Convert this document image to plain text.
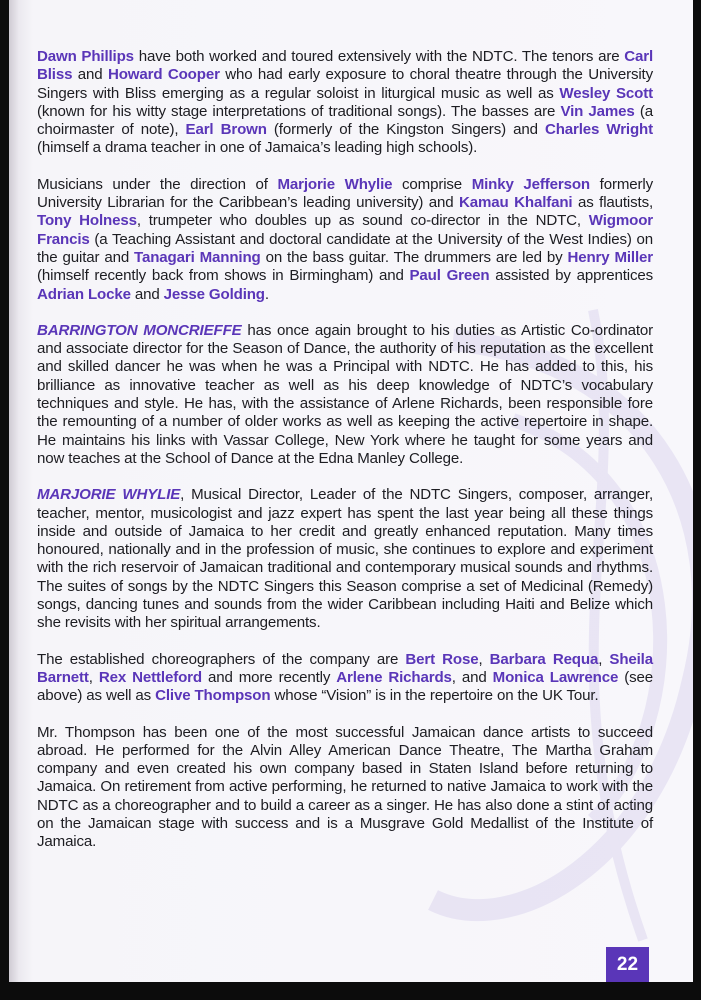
Dawn Phillips have both worked and toured extensively with the NDTC. The tenors are Carl Bliss and Howard Cooper who had early exposure to choral theatre through the University Singers with Bliss emerging as a regular soloist in liturgical music as well as Wesley Scott (known for his witty stage interpretations of traditional songs). The basses are Vin James (a choirmaster of note), Earl Brown (formerly of the Kingston Singers) and Charles Wright (himself a drama teacher in one of Jamaica’s leading high schools).

Musicians under the direction of Marjorie Whylie comprise Minky Jefferson formerly University Librarian for the Caribbean’s leading university) and Kamau Khalfani as flautists, Tony Holness, trumpeter who doubles up as sound co-director in the NDTC, Wigmoor Francis (a Teaching Assistant and doctoral candidate at the University of the West Indies) on the guitar and Tanagari Manning on the bass guitar. The drummers are led by Henry Miller (himself recently back from shows in Birmingham) and Paul Green assisted by apprentices Adrian Locke and Jesse Golding.

BARRINGTON MONCRIEFFE has once again brought to his duties as Artistic Co-ordinator and associate director for the Season of Dance, the authority of his reputation as the excellent and skilled dancer he was when he was a Principal with NDTC. He has added to this, his brilliance as innovative teacher as well as his deep knowledge of NDTC’s vocabulary techniques and style. He has, with the assistance of Arlene Richards, been responsible fore the remounting of a number of older works as well as keeping the active repertoire in shape. He maintains his links with Vassar College, New York where he taught for some years and now teaches at the School of Dance at the Edna Manley College.

MARJORIE WHYLIE, Musical Director, Leader of the NDTC Singers, composer, arranger, teacher, mentor, musicologist and jazz expert has spent the last year being all these things inside and outside of Jamaica to her credit and greatly enhanced reputation. Many times honoured, nationally and in the profession of music, she continues to explore and experiment with the rich reservoir of Jamaican traditional and contemporary musical sounds and rhythms. The suites of songs by the NDTC Singers this Season comprise a set of Medicinal (Remedy) songs, dancing tunes and sounds from the wider Caribbean including Haiti and Belize which she revisits with her spiritual arrangements.

The established choreographers of the company are Bert Rose, Barbara Requa, Sheila Barnett, Rex Nettleford and more recently Arlene Richards, and Monica Lawrence (see above) as well as Clive Thompson whose “Vision” is in the repertoire on the UK Tour.

Mr. Thompson has been one of the most successful Jamaican dance artists to succeed abroad. He performed for the Alvin Alley American Dance Theatre, The Martha Graham company and even created his own company based in Staten Island before returning to Jamaica. On retirement from active performing, he returned to native Jamaica to work with the NDTC as a choreographer and to build a career as a singer. He has also done a stint of acting on the Jamaican stage with success and is a Musgrave Gold Medallist of the Institute of Jamaica.

22
